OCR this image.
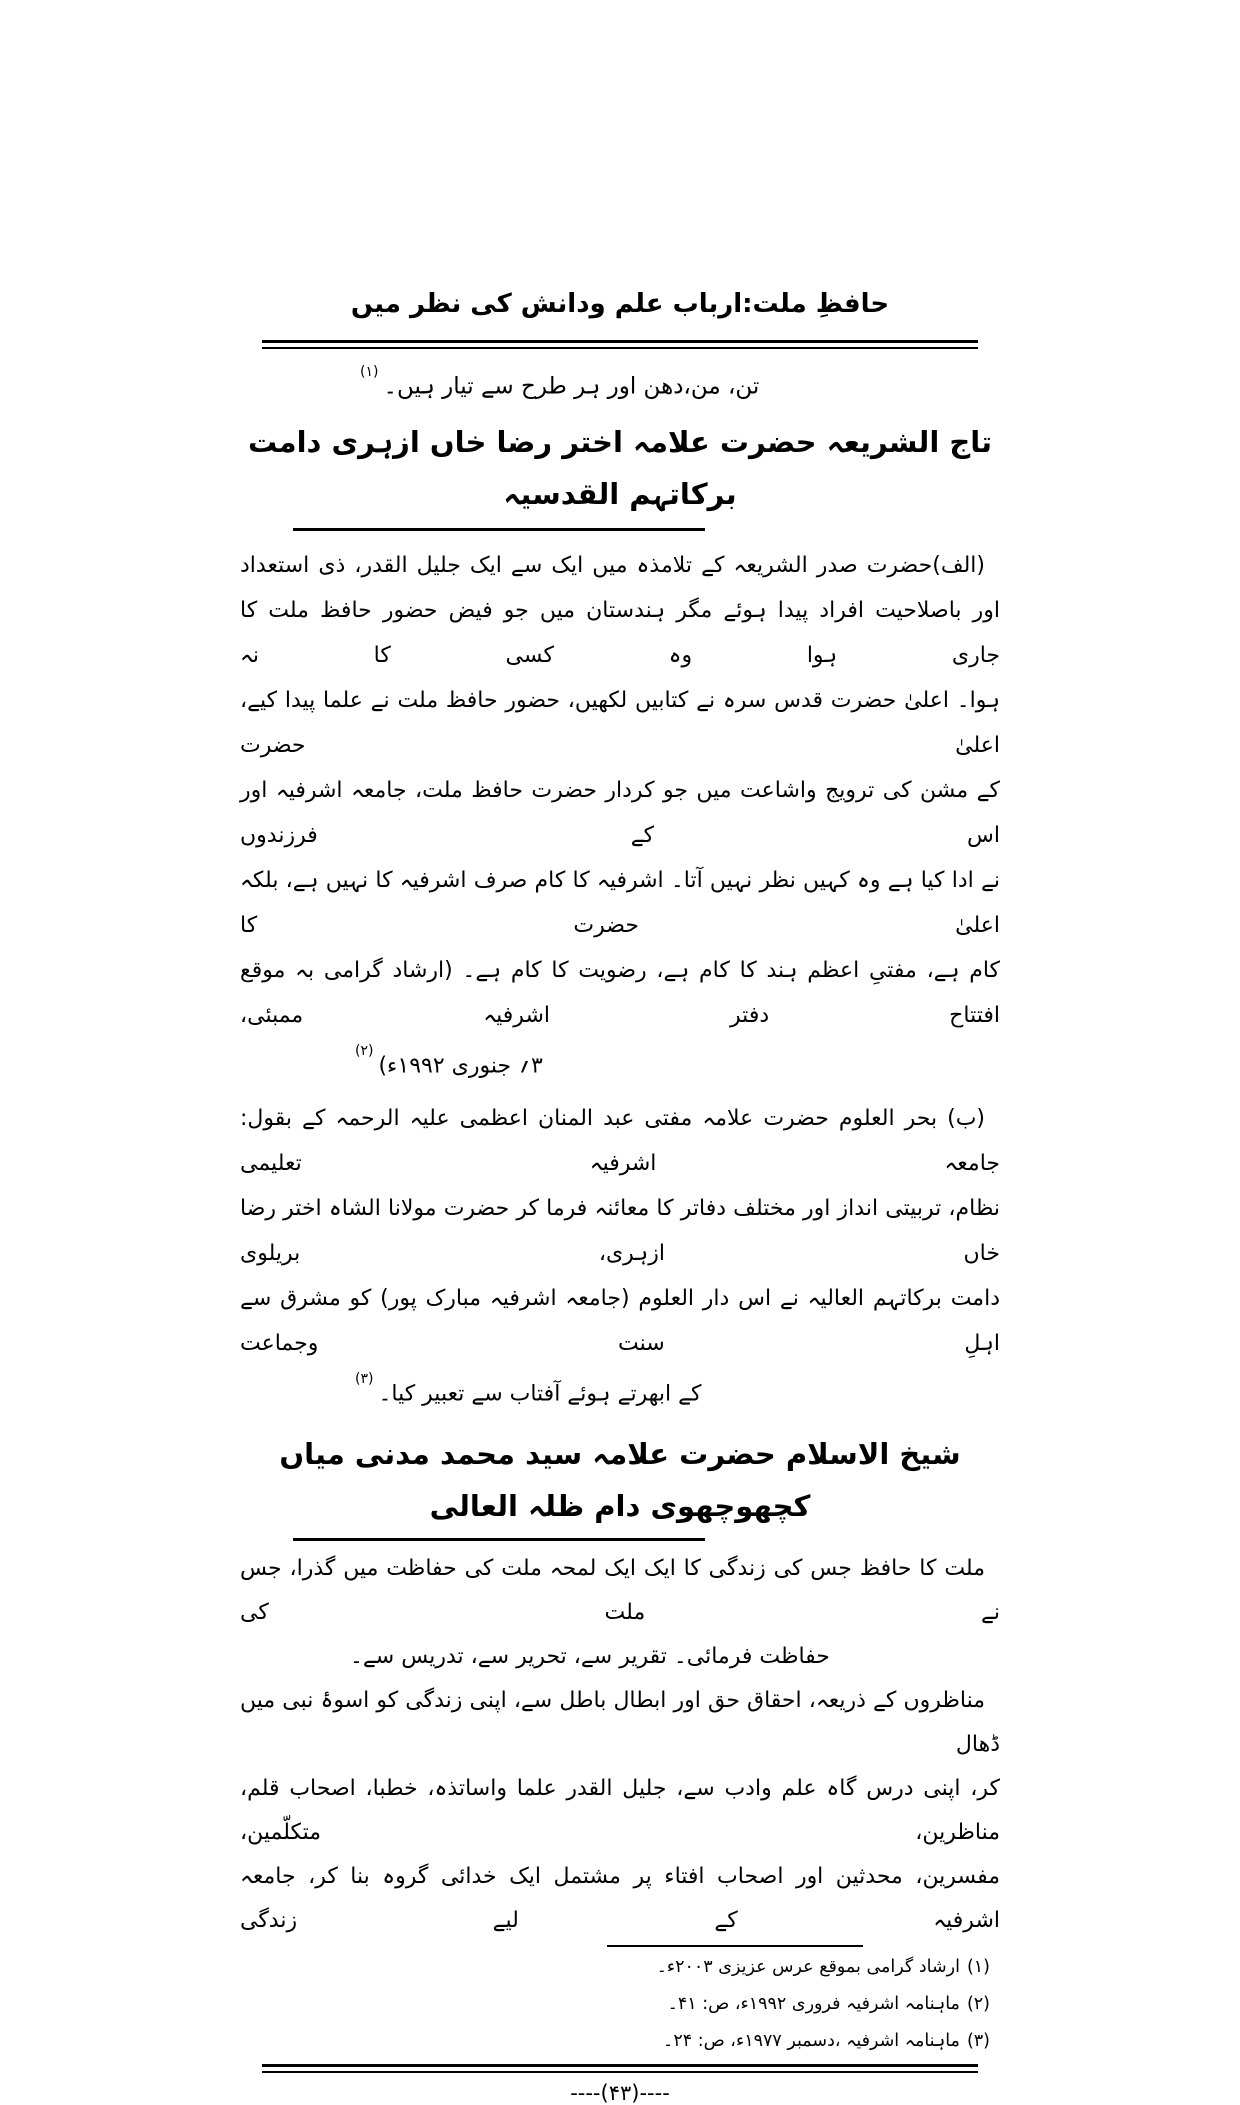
حافظِ ملت:ارباب علم ودانش کی نظر میں

تن، من،دھن اور ہر طرح سے تیار ہیں۔$^{(۱)}$

تاج الشریعہ حضرت علامہ اختر رضا خاں ازہری دامت برکاتہم القدسیہ
(الف)حضرت صدر الشریعہ کے تلامذہ میں ایک سے ایک جلیل القدر، ذی استعداد
اور باصلاحیت افراد پیدا ہوئے مگر ہندستان میں جو فیض حضور حافظ ملت کا جاری ہوا وہ کسی کا نہ
ہوا۔ اعلیٰ حضرت قدس سرہ نے کتابیں لکھیں، حضور حافظ ملت نے علما پیدا کیے، اعلیٰ حضرت
کے مشن کی ترویج واشاعت میں جو کردار حضرت حافظ ملت، جامعہ اشرفیہ اور اس کے فرزندوں
نے ادا کیا ہے وہ کہیں نظر نہیں آتا۔ اشرفیہ کا کام صرف اشرفیہ کا نہیں ہے، بلکہ اعلیٰ حضرت کا
کام ہے، مفتیِ اعظم ہند کا کام ہے، رضویت کا کام ہے۔ (ارشاد گرامی بہ موقع افتتاح دفتر اشرفیہ ممبئی،

۳؍ جنوری ۱۹۹۲ء)$^{(۲)}$

(ب) بحر العلوم حضرت علامہ مفتی عبد المنان اعظمی علیہ الرحمہ کے بقول: جامعہ اشرفیہ تعلیمی
نظام، تربیتی انداز اور مختلف دفاتر کا معائنہ فرما کر حضرت مولانا الشاہ اختر رضا خاں ازہری، بریلوی
دامت برکاتہم العالیہ نے اس دار العلوم (جامعہ اشرفیہ مبارک پور) کو مشرق سے اہلِ سنت وجماعت

کے ابھرتے ہوئے آفتاب سے تعبیر کیا۔$^{(۳)}$

شیخ الاسلام حضرت علامہ سید محمد مدنی میاں کچھوچھوی دام ظلہ العالی
ملت کا حافظ جس کی زندگی کا ایک ایک لمحہ ملت کی حفاظت میں گذرا، جس نے ملت کی

حفاظت فرمائی۔ تقریر سے، تحریر سے، تدریس سے۔

مناظروں کے ذریعہ، احقاق حق اور ابطال باطل سے، اپنی زندگی کو اسوۂ نبی میں ڈھال
کر، اپنی درس گاہ علم وادب سے، جلیل القدر علما واساتذہ، خطبا، اصحاب قلم، مناظرین، متکلّمین،
مفسرین، محدثین اور اصحاب افتاء پر مشتمل ایک خدائی گروہ بنا کر، جامعہ اشرفیہ کے لیے زندگی
(۱)ارشاد گرامی بموقع عرس عزیزی ۲۰۰۳ء۔
(۲)ماہنامہ اشرفیہ فروری ۱۹۹۲ء، ص: ۴۱۔
(۳)ماہنامہ اشرفیہ ،دسمبر ۱۹۷۷ء، ص: ۲۴۔
----(۴۳)----
